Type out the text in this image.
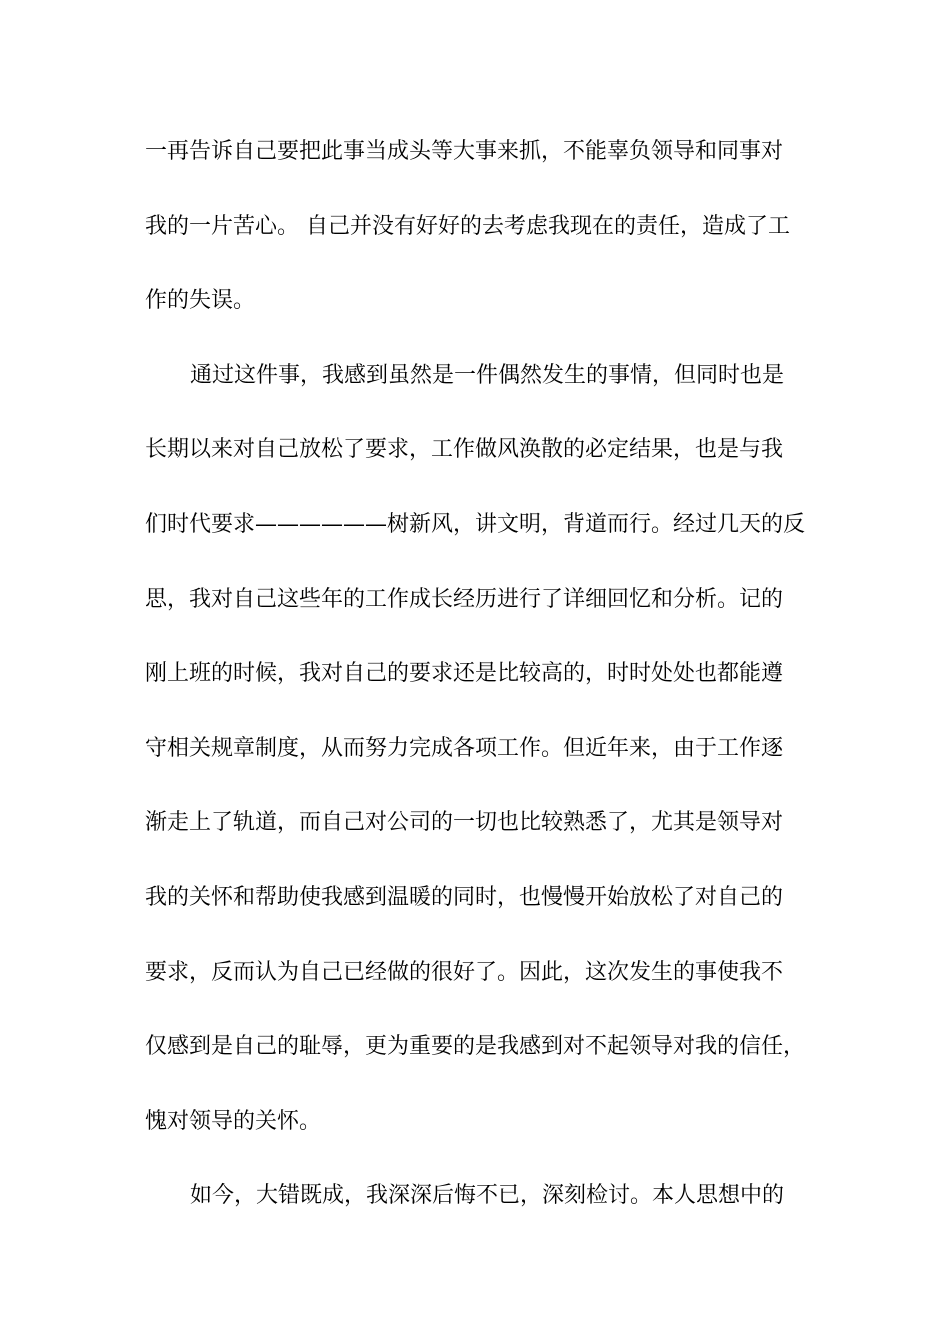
一再告诉自己要把此事当成头等大事来抓，不能辜负领导和同事对
我的一片苦心。 自己并没有好好的去考虑我现在的责任，造成了工
作的失误。
通过这件事，我感到虽然是一件偶然发生的事情，但同时也是
长期以来对自己放松了要求，工作做风涣散的必定结果，也是与我
们时代要求——————树新风，讲文明，背道而行。经过几天的反
思，我对自己这些年的工作成长经历进行了详细回忆和分析。记的
刚上班的时候，我对自己的要求还是比较高的，时时处处也都能遵
守相关规章制度，从而努力完成各项工作。但近年来，由于工作逐
渐走上了轨道，而自己对公司的一切也比较熟悉了，尤其是领导对
我的关怀和帮助使我感到温暖的同时，也慢慢开始放松了对自己的
要求，反而认为自己已经做的很好了。因此，这次发生的事使我不
仅感到是自己的耻辱，更为重要的是我感到对不起领导对我的信任，
愧对领导的关怀。
如今，大错既成，我深深后悔不已，深刻检讨。本人思想中的
